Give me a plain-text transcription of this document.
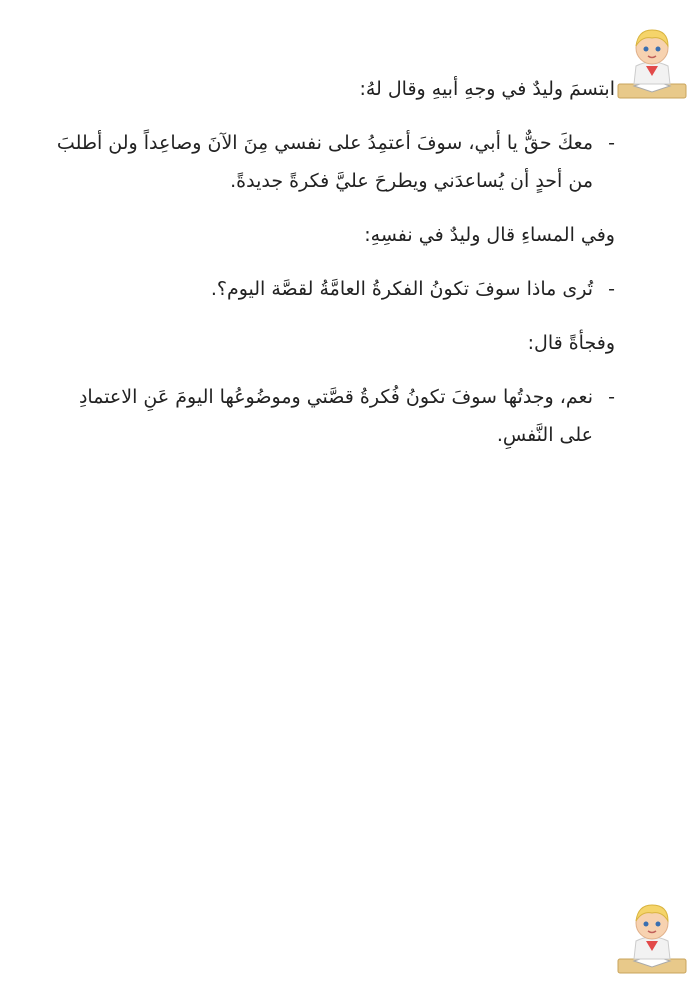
ابتسمَ وليدٌ في وجهِ أبيهِ وقال لهُ:

-معكَ حقٌّ يا أبي، سوفَ أعتمِدُ على نفسي مِنَ الآنَ وصاعِداً ولن أطلبَ
من أحدٍ أن يُساعدَني ويطرحَ عليَّ فكرةً جديدةً.

وفي المساءِ قال وليدٌ في نفسِهِ:

-تُرى ماذا سوفَ تكونُ الفكرةُ العامَّةُ لقصَّة اليوم؟.

وفجأةً قال:

-نعم، وجدتُها سوفَ تكونُ فُكرةُ قصَّتي وموضُوعُها اليومَ عَنِ الاعتمادِ
على النَّفسِ.
